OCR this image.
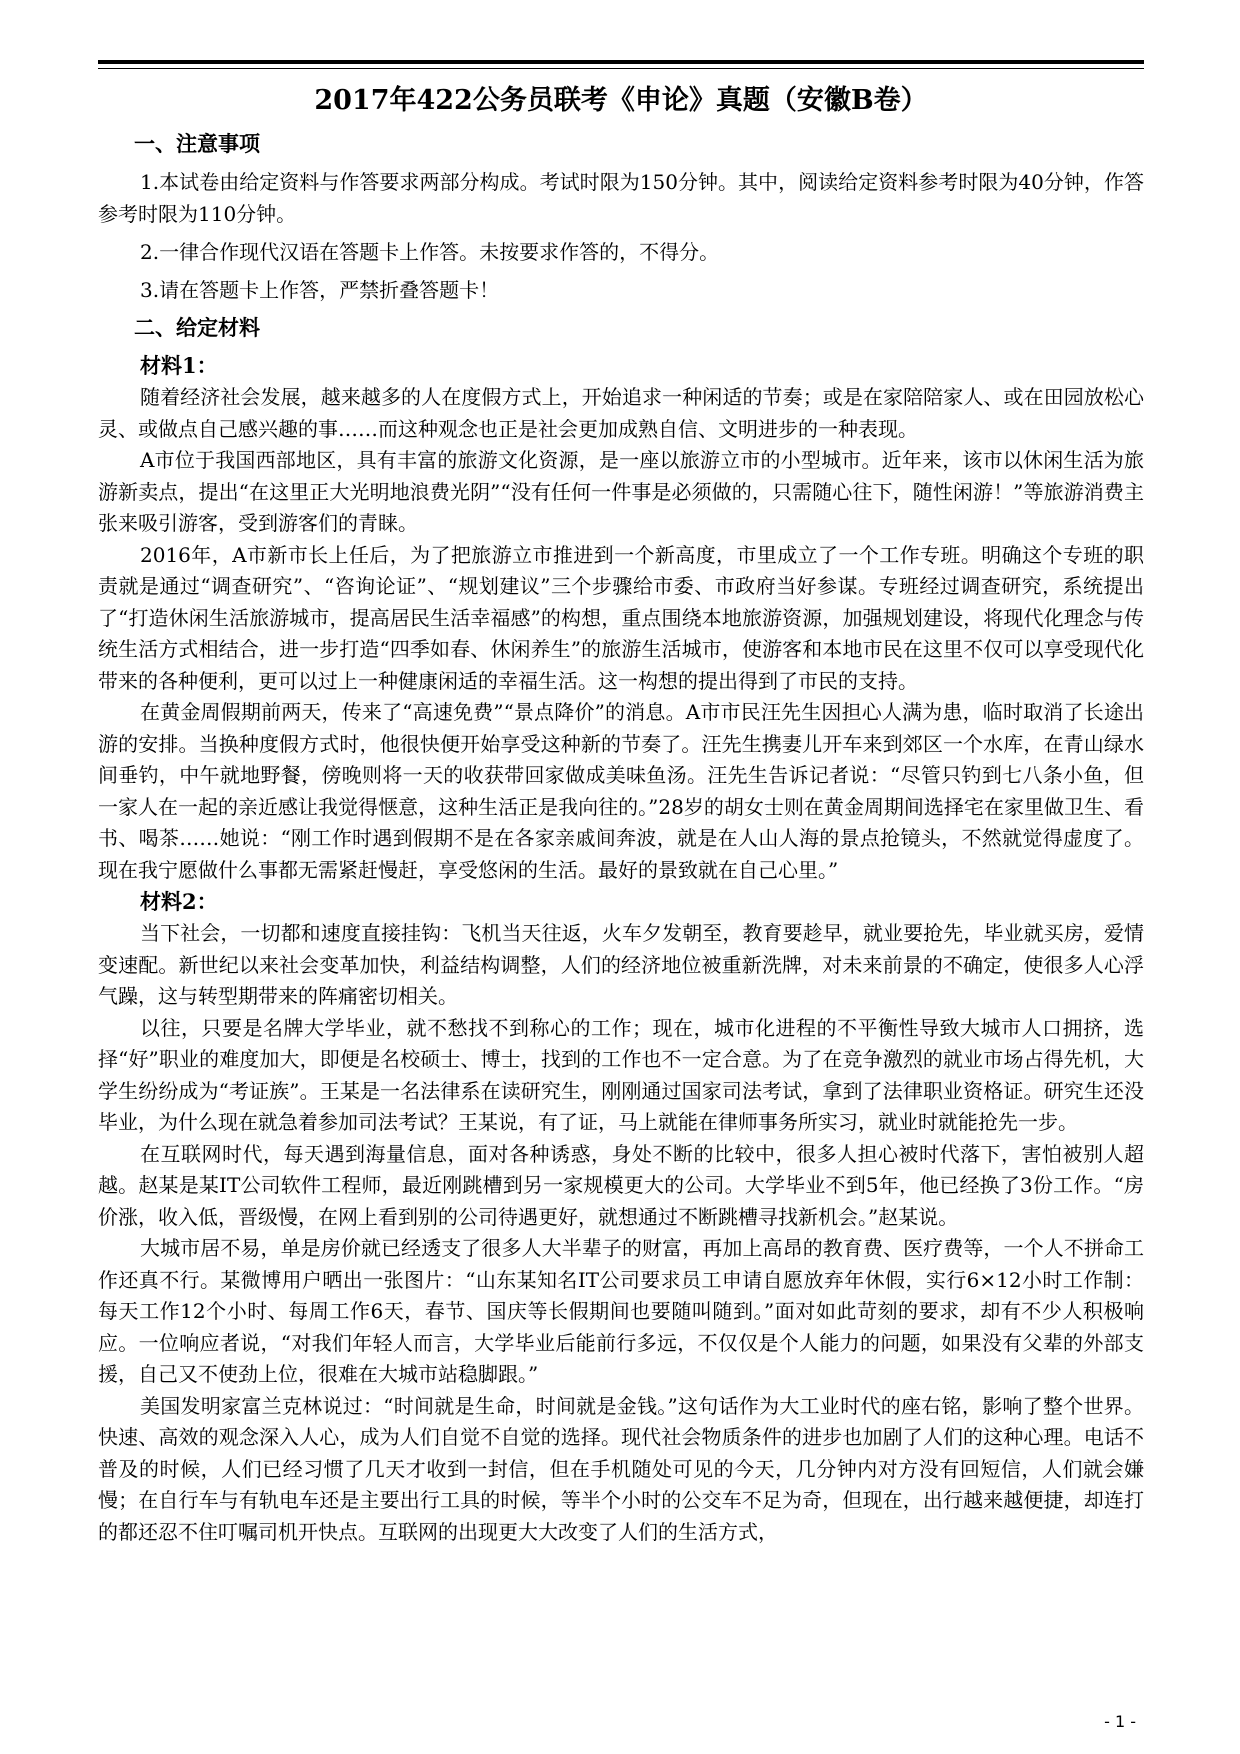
2017年422公务员联考《申论》真题（安徽B卷）
一、注意事项

1.本试卷由给定资料与作答要求两部分构成。考试时限为150分钟。其中，阅读给定资料参考时限为40分钟，作答参考时限为110分钟。

2.一律合作现代汉语在答题卡上作答。未按要求作答的，不得分。

3.请在答题卡上作答，严禁折叠答题卡！

二、给定材料

材料1：

随着经济社会发展，越来越多的人在度假方式上，开始追求一种闲适的节奏；或是在家陪陪家人、或在田园放松心灵、或做点自己感兴趣的事……而这种观念也正是社会更加成熟自信、文明进步的一种表现。

A市位于我国西部地区，具有丰富的旅游文化资源，是一座以旅游立市的小型城市。近年来，该市以休闲生活为旅游新卖点，提出“在这里正大光明地浪费光阴”“没有任何一件事是必须做的，只需随心往下，随性闲游！”等旅游消费主张来吸引游客，受到游客们的青睐。

2016年，A市新市长上任后，为了把旅游立市推进到一个新高度，市里成立了一个工作专班。明确这个专班的职责就是通过“调查研究”、“咨询论证”、“规划建议”三个步骤给市委、市政府当好参谋。专班经过调查研究，系统提出了“打造休闲生活旅游城市，提高居民生活幸福感”的构想，重点围绕本地旅游资源，加强规划建设，将现代化理念与传统生活方式相结合，进一步打造“四季如春、休闲养生”的旅游生活城市，使游客和本地市民在这里不仅可以享受现代化带来的各种便利，更可以过上一种健康闲适的幸福生活。这一构想的提出得到了市民的支持。

在黄金周假期前两天，传来了“高速免费”“景点降价”的消息。A市市民汪先生因担心人满为患，临时取消了长途出游的安排。当换种度假方式时，他很快便开始享受这种新的节奏了。汪先生携妻儿开车来到郊区一个水库，在青山绿水间垂钓，中午就地野餐，傍晚则将一天的收获带回家做成美味鱼汤。汪先生告诉记者说：“尽管只钓到七八条小鱼，但一家人在一起的亲近感让我觉得惬意，这种生活正是我向往的。”28岁的胡女士则在黄金周期间选择宅在家里做卫生、看书、喝茶……她说：“刚工作时遇到假期不是在各家亲戚间奔波，就是在人山人海的景点抢镜头，不然就觉得虚度了。现在我宁愿做什么事都无需紧赶慢赶，享受悠闲的生活。最好的景致就在自己心里。”

材料2：

当下社会，一切都和速度直接挂钩：飞机当天往返，火车夕发朝至，教育要趁早，就业要抢先，毕业就买房，爱情变速配。新世纪以来社会变革加快，利益结构调整，人们的经济地位被重新洗牌，对未来前景的不确定，使很多人心浮气躁，这与转型期带来的阵痛密切相关。

以往，只要是名牌大学毕业，就不愁找不到称心的工作；现在，城市化进程的不平衡性导致大城市人口拥挤，选择“好”职业的难度加大，即便是名校硕士、博士，找到的工作也不一定合意。为了在竞争激烈的就业市场占得先机，大学生纷纷成为“考证族”。王某是一名法律系在读研究生，刚刚通过国家司法考试，拿到了法律职业资格证。研究生还没毕业，为什么现在就急着参加司法考试？王某说，有了证，马上就能在律师事务所实习，就业时就能抢先一步。

在互联网时代，每天遇到海量信息，面对各种诱惑，身处不断的比较中，很多人担心被时代落下，害怕被别人超越。赵某是某IT公司软件工程师，最近刚跳槽到另一家规模更大的公司。大学毕业不到5年，他已经换了3份工作。“房价涨，收入低，晋级慢，在网上看到别的公司待遇更好，就想通过不断跳槽寻找新机会。”赵某说。

大城市居不易，单是房价就已经透支了很多人大半辈子的财富，再加上高昂的教育费、医疗费等，一个人不拼命工作还真不行。某微博用户晒出一张图片：“山东某知名IT公司要求员工申请自愿放弃年休假，实行6×12小时工作制：每天工作12个小时、每周工作6天，春节、国庆等长假期间也要随叫随到。”面对如此苛刻的要求，却有不少人积极响应。一位响应者说，“对我们年轻人而言，大学毕业后能前行多远，不仅仅是个人能力的问题，如果没有父辈的外部支援，自己又不使劲上位，很难在大城市站稳脚跟。”

美国发明家富兰克林说过：“时间就是生命，时间就是金钱。”这句话作为大工业时代的座右铭，影响了整个世界。快速、高效的观念深入人心，成为人们自觉不自觉的选择。现代社会物质条件的进步也加剧了人们的这种心理。电话不普及的时候，人们已经习惯了几天才收到一封信，但在手机随处可见的今天，几分钟内对方没有回短信，人们就会嫌慢；在自行车与有轨电车还是主要出行工具的时候，等半个小时的公交车不足为奇，但现在，出行越来越便捷，却连打的都还忍不住叮嘱司机开快点。互联网的出现更大大改变了人们的生活方式，

- 1 -
